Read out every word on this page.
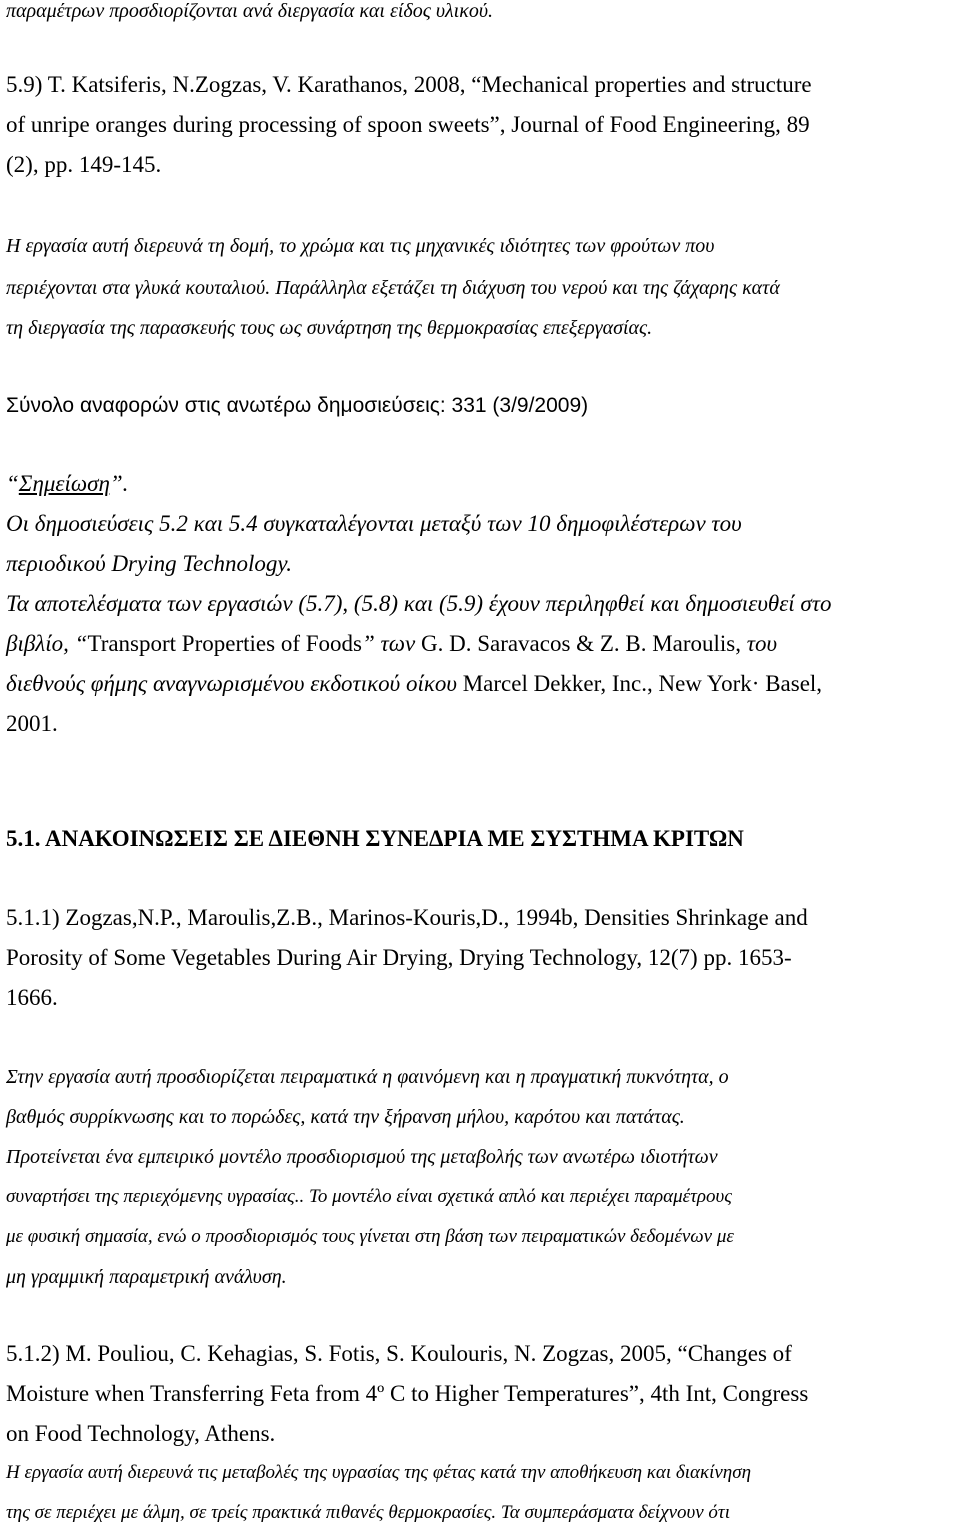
παραμέτρων προσδιορίζονται ανά διεργασία και είδος υλικού.

5.9) T. Katsiferis, N.Zogzas, V. Karathanos, 2008, “Mechanical properties and structure

of unripe oranges during processing of spoon sweets”, Journal of Food Engineering, 89

(2), pp. 149-145.

Η εργασία αυτή διερευνά τη δομή, το χρώμα και τις μηχανικές ιδιότητες των φρούτων που

περιέχονται στα γλυκά κουταλιού. Παράλληλα εξετάζει τη διάχυση του νερού και της ζάχαρης κατά

τη διεργασία της παρασκευής τους ως συνάρτηση της θερμοκρασίας επεξεργασίας.

Σύνολο αναφορών στις ανωτέρω δημοσιεύσεις: 331 (3/9/2009)

“Σημείωση”.

Οι δημοσιεύσεις 5.2 και 5.4 συγκαταλέγονται μεταξύ των 10 δημοφιλέστερων του

περιοδικού Drying Technology.

Τα αποτελέσματα των εργασιών (5.7), (5.8) και (5.9) έχουν περιληφθεί και δημοσιευθεί στο

βιβλίο, “Transport Properties of Foods” των G. D. Saravacos & Z. B. Maroulis, του

διεθνούς φήμης αναγνωρισμένου εκδοτικού οίκου Marcel Dekker, Inc., New York· Basel,

2001.

5.1. ΑΝΑΚΟΙΝΩΣΕΙΣ ΣΕ ΔΙΕΘΝΗ ΣΥΝΕΔΡΙΑ ΜΕ ΣΥΣΤΗΜΑ ΚΡΙΤΩΝ

5.1.1) Zogzas,N.P., Maroulis,Z.B., Marinos-Kouris,D., 1994b, Densities Shrinkage and

Porosity of Some Vegetables During Air Drying, Drying Technology, 12(7) pp. 1653-

1666.

Στην εργασία αυτή προσδιορίζεται πειραματικά η φαινόμενη και η πραγματική πυκνότητα, ο

βαθμός συρρίκνωσης και το πορώδες, κατά την ξήρανση μήλου, καρότου και πατάτας.

Προτείνεται ένα εμπειρικό μοντέλο προσδιορισμού της μεταβολής των ανωτέρω ιδιοτήτων

συναρτήσει της περιεχόμενης υγρασίας.. Το μοντέλο είναι σχετικά απλό και περιέχει παραμέτρους

με φυσική σημασία, ενώ ο προσδιορισμός τους γίνεται στη βάση των πειραματικών δεδομένων με

μη γραμμική παραμετρική ανάλυση.

5.1.2) M. Pouliou, C. Kehagias, S. Fotis, S. Koulouris, N. Zogzas, 2005, “Changes of

Moisture when Transferring Feta from 4º C to Higher Temperatures”, 4th Int, Congress

on Food Technology, Athens.

Η εργασία αυτή διερευνά τις μεταβολές της υγρασίας της φέτας κατά την αποθήκευση και διακίνηση

της σε περιέχει με άλμη, σε τρείς πρακτικά πιθανές θερμοκρασίες. Τα συμπεράσματα δείχνουν ότι
